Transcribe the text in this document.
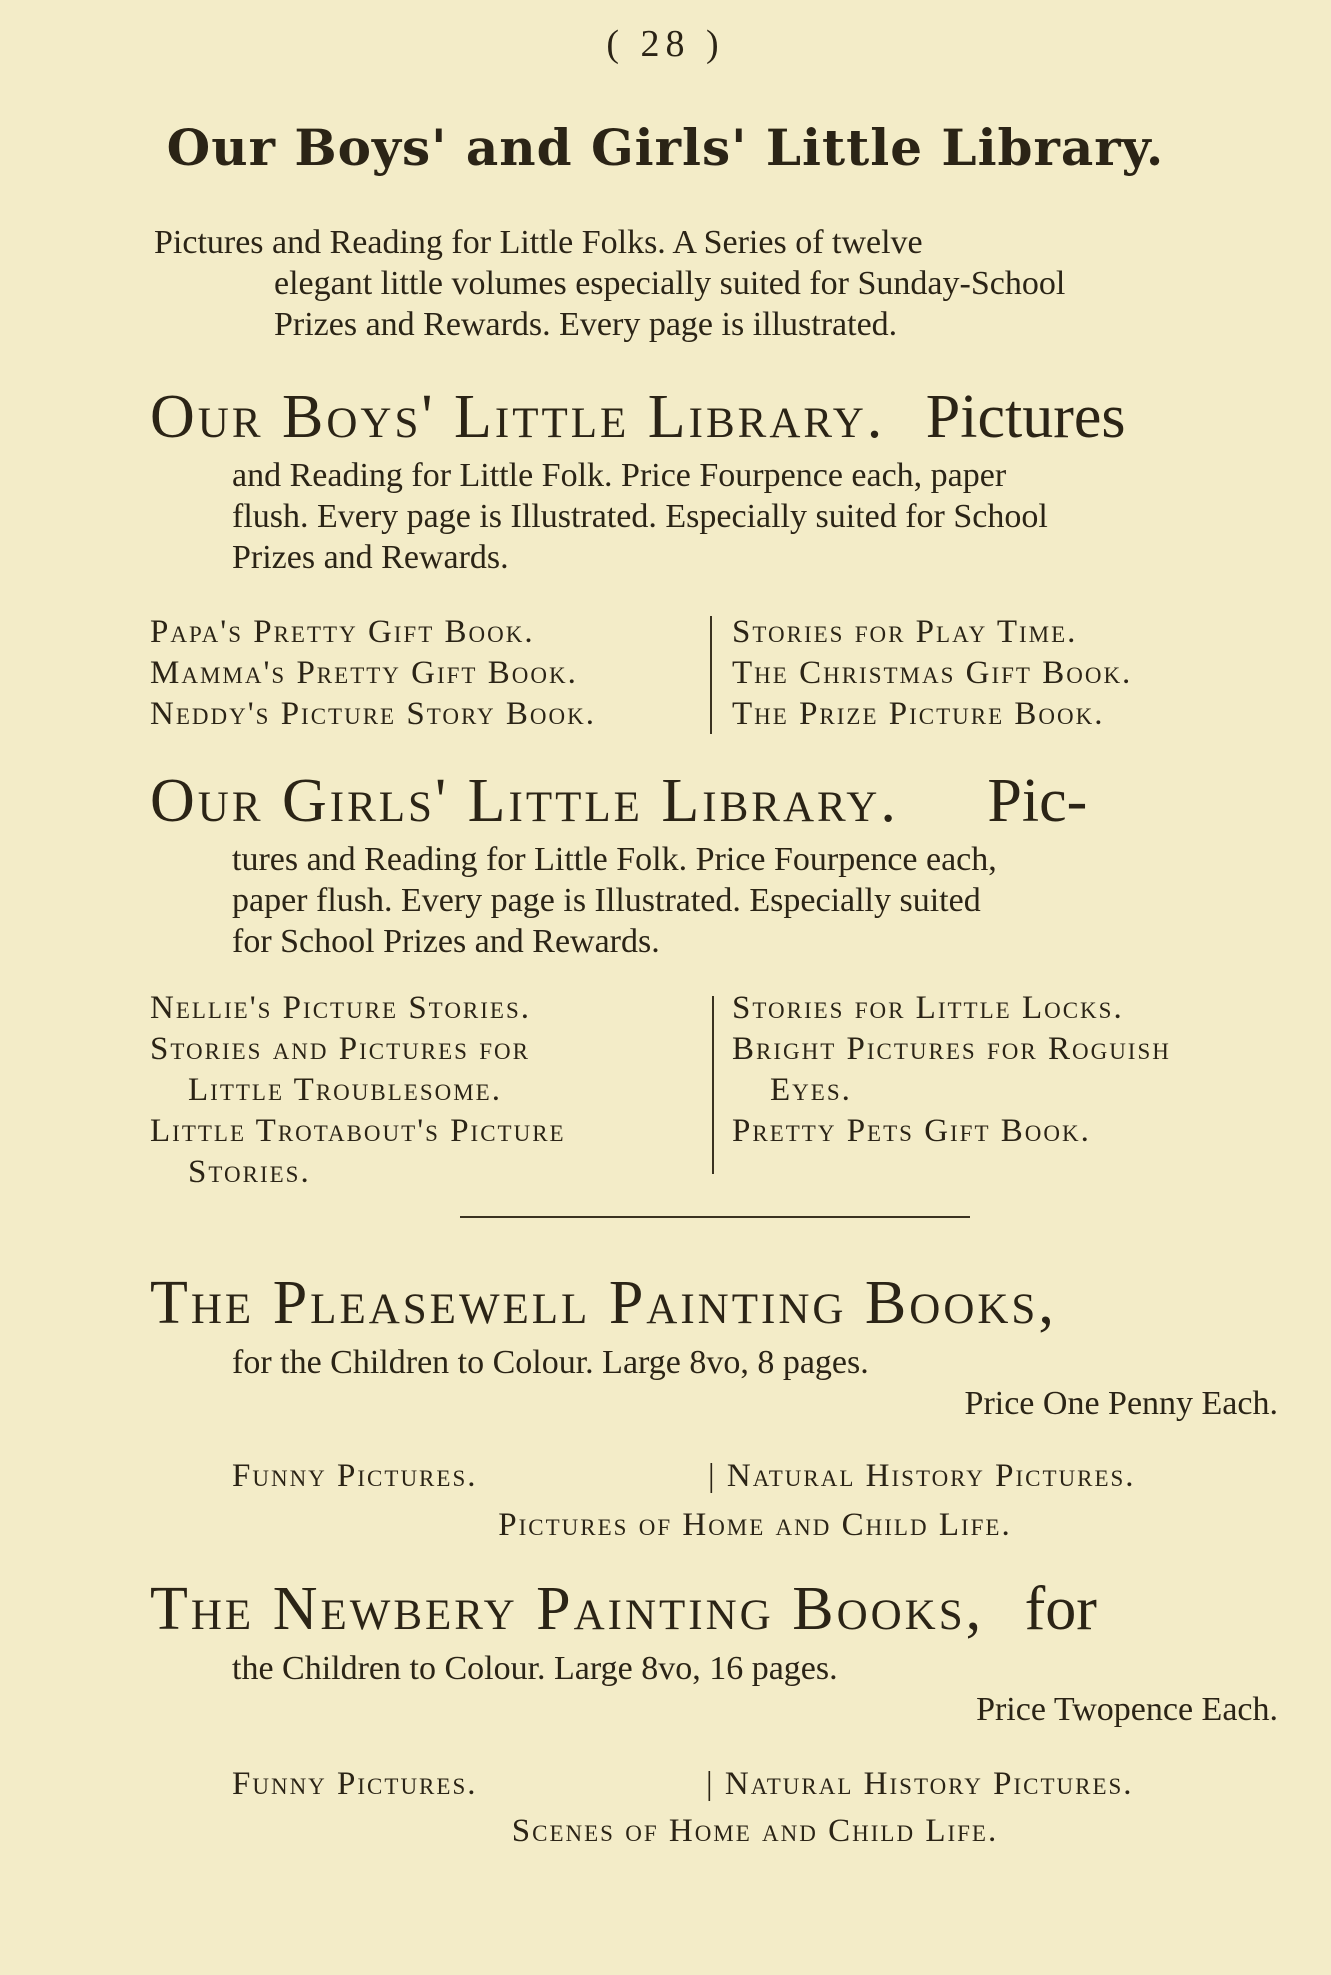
( 28 )
Our Boys' and Girls' Little Library.
Pictures and Reading for Little Folks. A Series of twelve
elegant little volumes especially suited for Sunday-School
Prizes and Rewards. Every page is illustrated.
Our Boys' Little Library. Pictures
and Reading for Little Folk. Price Fourpence each, paper
flush. Every page is Illustrated. Especially suited for School
Prizes and Rewards.
Papa's Pretty Gift Book.
Mamma's Pretty Gift Book.
Neddy's Picture Story Book.
Stories for Play Time.
The Christmas Gift Book.
The Prize Picture Book.
Our Girls' Little Library. Pic-
tures and Reading for Little Folk. Price Fourpence each,
paper flush. Every page is Illustrated. Especially suited
for School Prizes and Rewards.
Nellie's Picture Stories.
Stories and Pictures for
Little Troublesome.
Little Trotabout's Picture
Stories.
Stories for Little Locks.
Bright Pictures for Roguish
Eyes.
Pretty Pets Gift Book.
The Pleasewell Painting Books,
for the Children to Colour. Large 8vo, 8 pages.
Price One Penny Each.
Funny Pictures.	| Natural History Pictures.
Pictures of Home and Child Life.
The Newbery Painting Books, for
the Children to Colour. Large 8vo, 16 pages.
Price Twopence Each.
Funny Pictures.	| Natural History Pictures.
Scenes of Home and Child Life.
